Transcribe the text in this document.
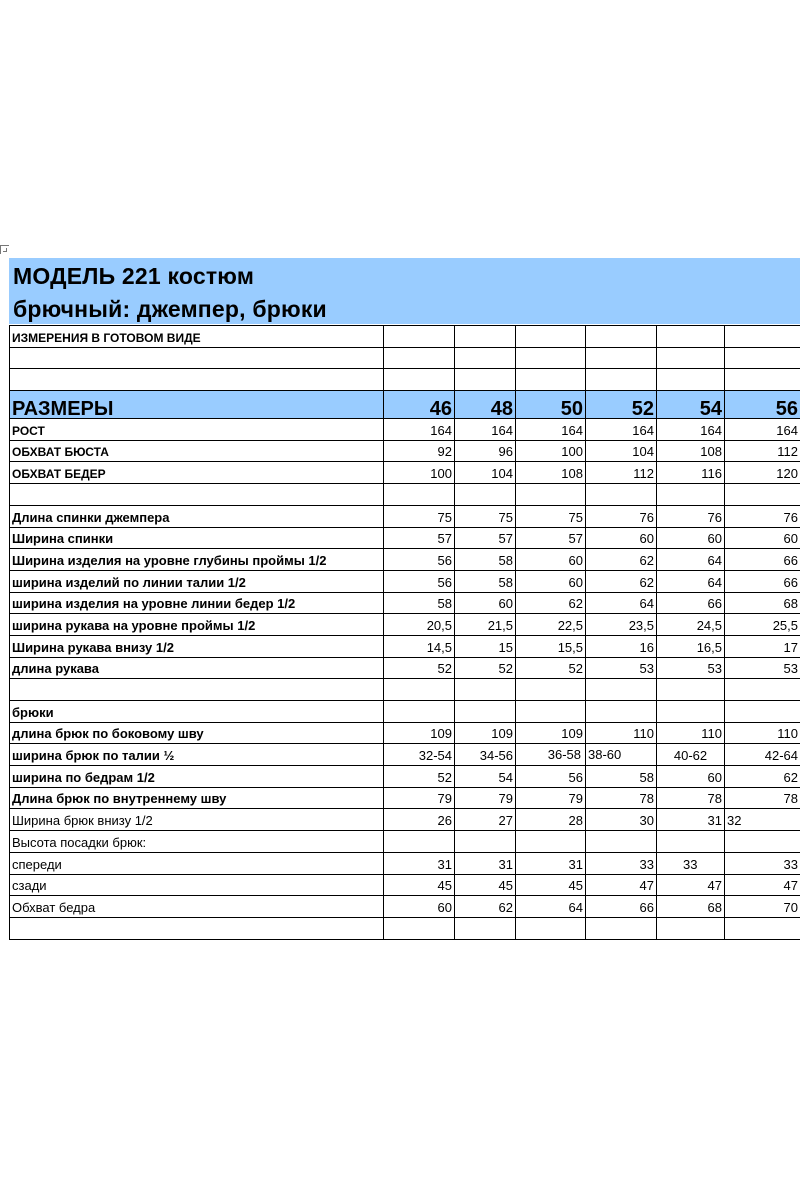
МОДЕЛЬ 221 костюм
брючный: джемпер, брюки
ИЗМЕРЕНИЯ В ГОТОВОМ ВИДЕ						

РАЗМЕРЫ	46	48	50	52	54	56
РОСТ	164	164	164	164	164	164
ОБХВАТ БЮСТА	92	96	100	104	108	112
ОБХВАТ БЕДЕР	100	104	108	112	116	120

Длина спинки джемпера	75	75	75	76	76	76
Ширина спинки	57	57	57	60	60	60
Ширина изделия на уровне глубины проймы 1/2	56	58	60	62	64	66
ширина изделий по линии талии 1/2	56	58	60	62	64	66
ширина изделия на уровне линии бедер 1/2	58	60	62	64	66	68
ширина рукава на уровне проймы 1/2	20,5	21,5	22,5	23,5	24,5	25,5
Ширина рукава внизу 1/2	14,5	15	15,5	16	16,5	17
длина рукава	52	52	52	53	53	53

брюки						
длина брюк по боковому шву	109	109	109	110	110	110
ширина брюк по талии ½	32-54	34-56	36-58	38-60	40-62	42-64
ширина по бедрам 1/2	52	54	56	58	60	62
Длина брюк по внутреннему шву	79	79	79	78	78	78
Ширина брюк внизу 1/2	26	27	28	30	31	32
Высота посадки брюк:						
спереди	31	31	31	33	33	33
сзади	45	45	45	47	47	47
Обхват бедра	60	62	64	66	68	70
